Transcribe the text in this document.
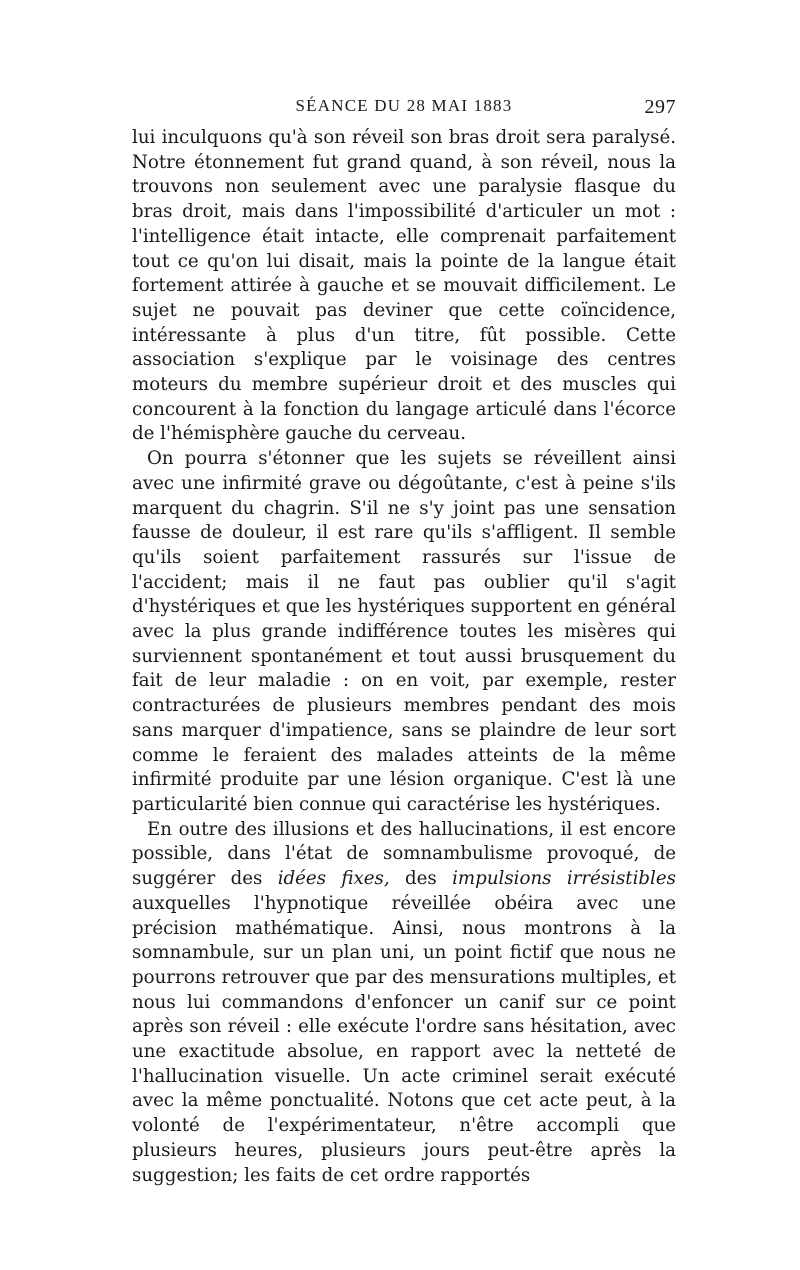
SÉANCE DU 28 MAI 1883	297

lui inculquons qu'à son réveil son bras droit sera paralysé. Notre étonnement fut grand quand, à son réveil, nous la trouvons non seulement avec une paralysie flasque du bras droit, mais dans l'impossibilité d'articuler un mot : l'intelligence était intacte, elle comprenait parfaitement tout ce qu'on lui disait, mais la pointe de la langue était fortement attirée à gauche et se mouvait difficilement. Le sujet ne pouvait pas deviner que cette coïncidence, intéressante à plus d'un titre, fût possible. Cette association s'explique par le voisinage des centres moteurs du membre supérieur droit et des muscles qui concourent à la fonction du langage articulé dans l'écorce de l'hémisphère gauche du cerveau.

On pourra s'étonner que les sujets se réveillent ainsi avec une infirmité grave ou dégoûtante, c'est à peine s'ils marquent du chagrin. S'il ne s'y joint pas une sensation fausse de douleur, il est rare qu'ils s'affligent. Il semble qu'ils soient parfaitement rassurés sur l'issue de l'accident; mais il ne faut pas oublier qu'il s'agit d'hystériques et que les hystériques supportent en général avec la plus grande indifférence toutes les misères qui surviennent spontanément et tout aussi brusquement du fait de leur maladie : on en voit, par exemple, rester contracturées de plusieurs membres pendant des mois sans marquer d'impatience, sans se plaindre de leur sort comme le feraient des malades atteints de la même infirmité produite par une lésion organique. C'est là une particularité bien connue qui caractérise les hystériques.

En outre des illusions et des hallucinations, il est encore possible, dans l'état de somnambulisme provoqué, de suggérer des idées fixes, des impulsions irrésistibles auxquelles l'hypnotique réveillée obéira avec une précision mathématique. Ainsi, nous montrons à la somnambule, sur un plan uni, un point fictif que nous ne pourrons retrouver que par des mensurations multiples, et nous lui commandons d'enfoncer un canif sur ce point après son réveil : elle exécute l'ordre sans hésitation, avec une exactitude absolue, en rapport avec la netteté de l'hallucination visuelle. Un acte criminel serait exécuté avec la même ponctualité. Notons que cet acte peut, à la volonté de l'expérimentateur, n'être accompli que plusieurs heures, plusieurs jours peut-être après la suggestion; les faits de cet ordre rapportés
